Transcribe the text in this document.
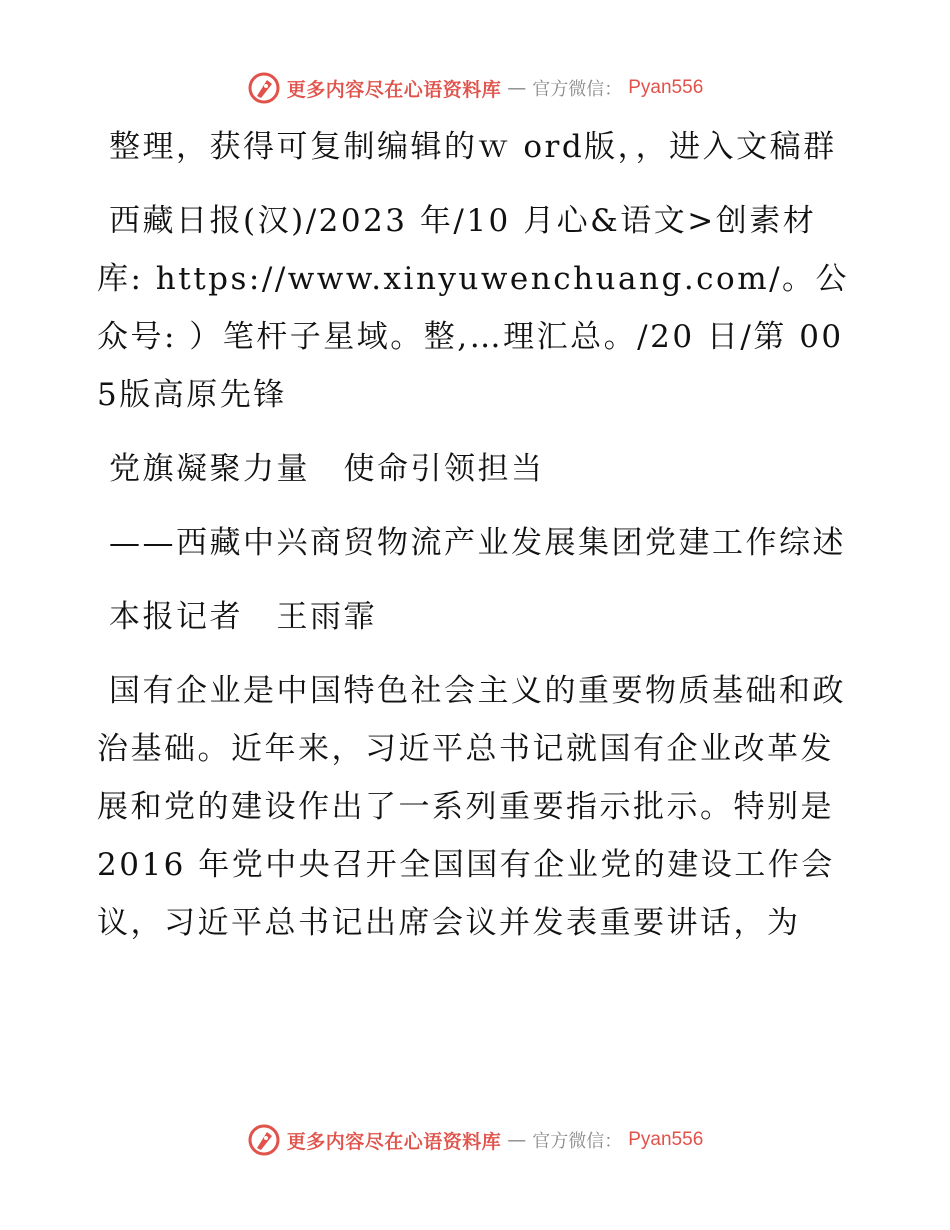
更多内容尽在心语资料库 — 官方微信： Pyan556

整理，获得可复制编辑的ｗ ord版，，进入文稿群

西藏日报(汉)/2023 年/10 月心&语文>创素材库: https://www.xinyuwenchuang.com/。公众号: ）笔杆子星域。整,…理汇总。/20 日/第 005版高原先锋

党旗凝聚力量　使命引领担当

——西藏中兴商贸物流产业发展集团党建工作综述

本报记者　王雨霏

国有企业是中国特色社会主义的重要物质基础和政治基础。近年来，习近平总书记就国有企业改革发展和党的建设作出了一系列重要指示批示。特别是 2016 年党中央召开全国国有企业党的建设工作会议，习近平总书记出席会议并发表重要讲话，为

更多内容尽在心语资料库 — 官方微信： Pyan556
